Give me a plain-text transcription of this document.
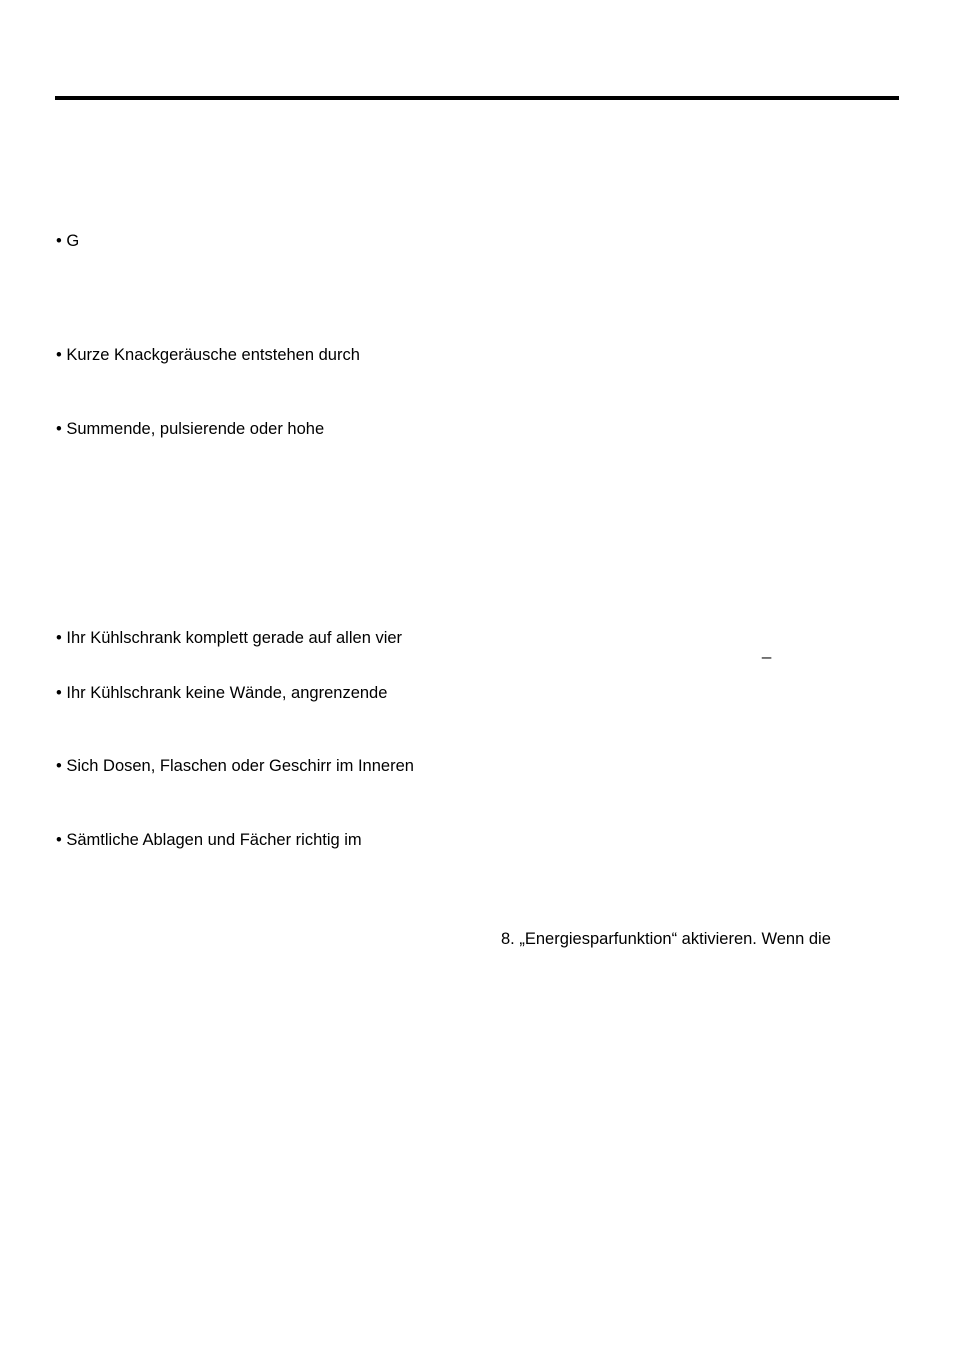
• G
• Kurze Knackgeräusche entstehen durch
• Summende, pulsierende oder hohe
• Ihr Kühlschrank komplett gerade auf allen vier
• Ihr Kühlschrank keine Wände, angrenzende
• Sich Dosen, Flaschen oder Geschirr im Inneren
• Sämtliche Ablagen und Fächer richtig im
_
8. „Energiesparfunktion“ aktivieren. Wenn die
